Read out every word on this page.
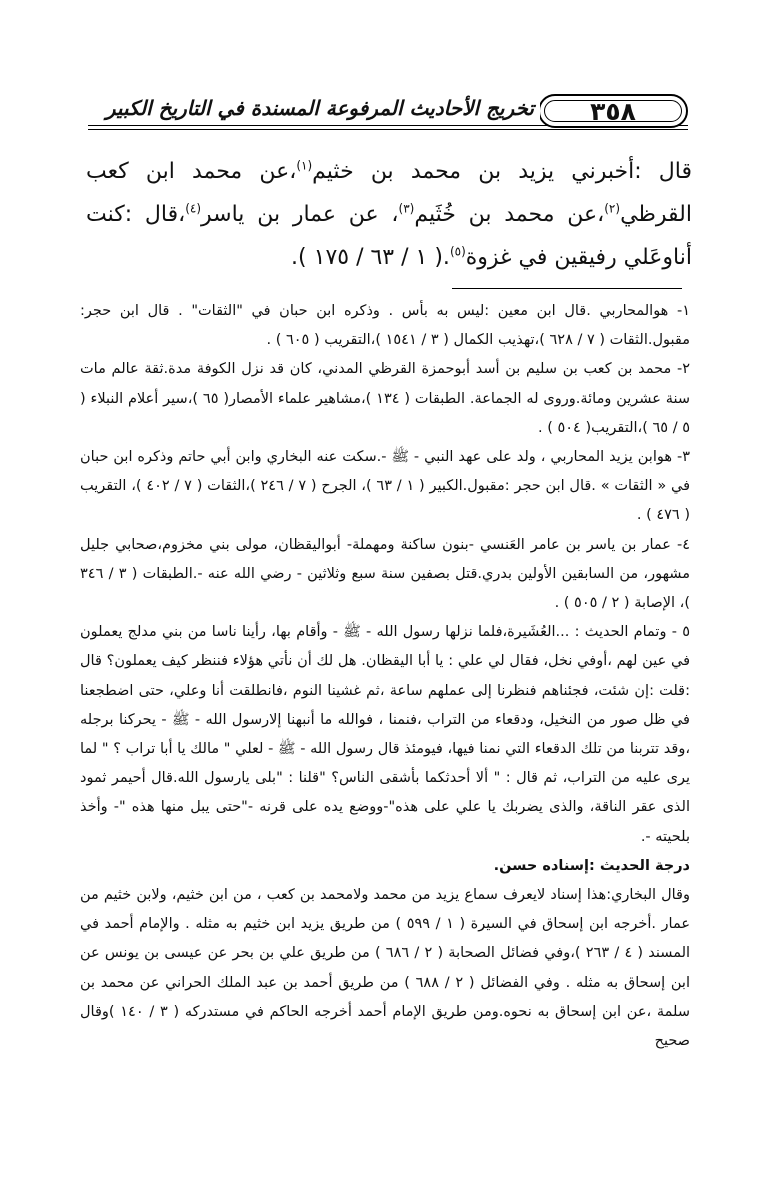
٣٥٨
تخريج الأحاديث المرفوعة المسندة في التاريخ الكبير
قال :أخبرني يزيد بن محمد بن خثيم$^{(١)}$،عن محمد ابن كعب القرظي$^{(٢)}$،عن محمد بن خُثَيم$^{(٣)}$، عن عمار بن ياسر$^{(٤)}$،قال :كنت أناوعَلي رفيقين في غزوة$^{(٥)}$.( ١ / ٦٣ / ١٧٥ ).

١- هوالمحاربي .قال ابن معين :ليس به بأس . وذكره ابن حبان في "الثقات" . قال ابن حجر: مقبول.الثقات ( ٧ / ٦٢٨ )،تهذيب الكمال ( ٣ / ١٥٤١ )،التقريب ( ٦٠٥ ) .

٢- محمد بن كعب بن سليم بن أسد أبوحمزة القرظي المدني، كان قد نزل الكوفة مدة.ثقة عالم مات سنة عشرين ومائة.وروى له الجماعة. الطبقات ( ١٣٤ )،مشاهير علماء الأمصار( ٦٥ )،سير أعلام النبلاء ( ٥ / ٦٥ )،التقريب( ٥٠٤ ) .

٣- هوابن يزيد المحاربي ، ولد على عهد النبي - ﷺ -.سكت عنه البخاري وابن أبي حاتم وذكره ابن حبان في « الثقات » .قال ابن حجر :مقبول.الكبير ( ١ / ٦٣ )، الجرح ( ٧ / ٢٤٦ )،الثقات ( ٧ / ٤٠٢ )، التقريب ( ٤٧٦ ) .

٤- عمار بن ياسر بن عامر العَنسي -بنون ساكنة ومهملة- أبواليقظان، مولى بني مخزوم،صحابي جليل مشهور، من السابقين الأولين بدري.قتل بصفين سنة سبع وثلاثين - رضي الله عنه -.الطبقات ( ٣ / ٣٤٦ )، الإصابة ( ٢ / ٥٠٥ ) .

٥ - وتمام الحديث : ...العُشَيرة،فلما نزلها رسول الله - ﷺ - وأقام بها، رأينا ناسا من بني مدلج يعملون في عين لهم ،أوفي نخل، فقال لي علي : يا أبا اليقظان. هل لك أن نأتي هؤلاء فننظر كيف يعملون؟ قال :قلت :إن شئت، فجئناهم فنظرنا إلى عملهم ساعة ،ثم غشينا النوم ،فانطلقت أنا وعلي، حتى اضطجعنا في ظل صور من النخيل، ودقعاء من التراب ،فنمنا ، فوالله ما أنبهنا إلارسول الله - ﷺ - يحركنا برجله ،وقد تتربنا من تلك الدقعاء التي نمنا فيها، فيومئذ قال رسول الله - ﷺ - لعلي " مالك يا أبا تراب ؟ " لما يرى عليه من التراب، ثم قال : " ألا أحدثكما بأشقى الناس؟ "قلنا : "بلى يارسول الله.قال أحيمر ثمود الذى عقر الناقة، والذى يضربك يا علي على هذه"-ووضع يده على قرنه -"حتى يبل منها هذه "- وأخذ بلحيته -.

درجة الحديث :إسناده حسن.

وقال البخاري:هذا إسناد لايعرف سماع يزيد من محمد ولامحمد بن كعب ، من ابن خثيم، ولابن خثيم من عمار .أخرجه ابن إسحاق في السيرة ( ١ / ٥٩٩ ) من طريق يزيد ابن خثيم به مثله . والإمام أحمد في المسند ( ٤ / ٢٦٣ )،وفي فضائل الصحابة ( ٢ / ٦٨٦ ) من طريق علي بن بحر عن عيسى بن يونس عن ابن إسحاق به مثله . وفي الفضائل ( ٢ / ٦٨٨ ) من طريق أحمد بن عبد الملك الحراني عن محمد بن سلمة ،عن ابن إسحاق به نحوه.ومن طريق الإمام أحمد أخرجه الحاكم في مستدركه ( ٣ / ١٤٠ )وقال صحيح
